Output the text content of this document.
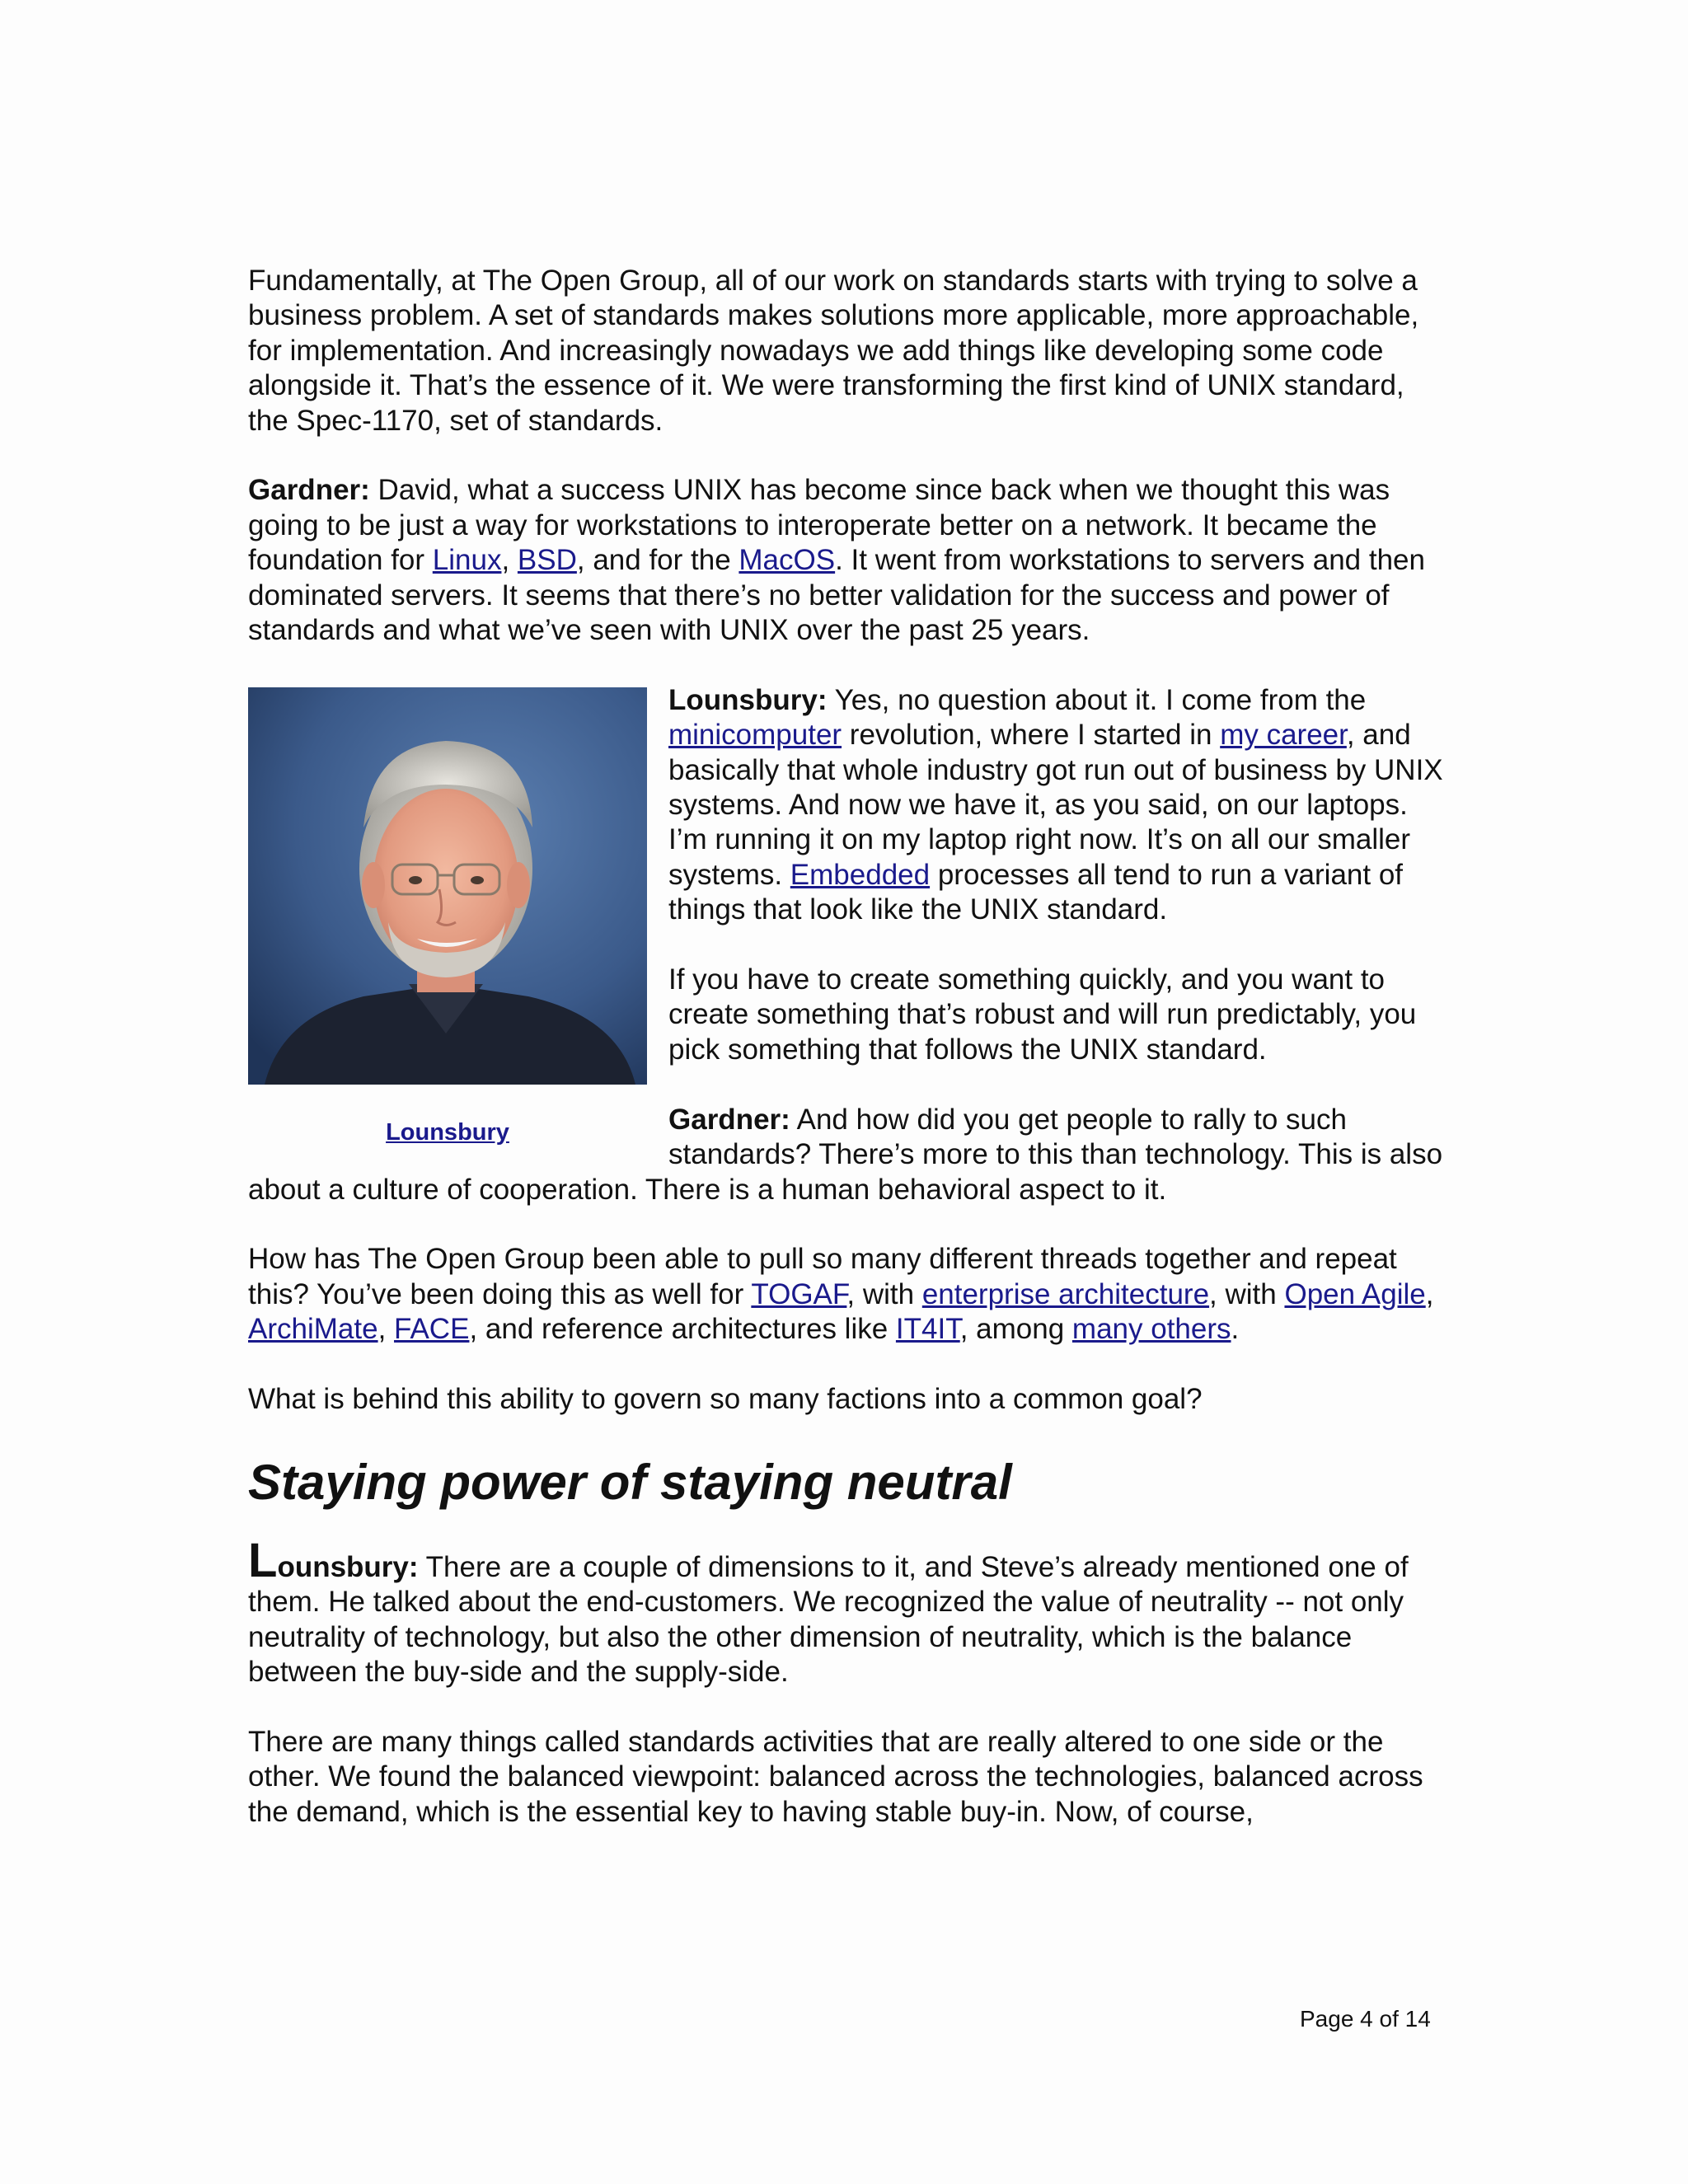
Fundamentally, at The Open Group, all of our work on standards starts with trying to solve a business problem. A set of standards makes solutions more applicable, more approachable, for implementation. And increasingly nowadays we add things like developing some code alongside it. That’s the essence of it. We were transforming the first kind of UNIX standard, the Spec-1170, set of standards.

Gardner: David, what a success UNIX has become since back when we thought this was going to be just a way for workstations to interoperate better on a network. It became the foundation for Linux, BSD, and for the MacOS. It went from workstations to servers and then dominated servers. It seems that there’s no better validation for the success and power of standards and what we’ve seen with UNIX over the past 25 years.

Lounsbury

Lounsbury: Yes, no question about it. I come from the minicomputer revolution, where I started in my career, and basically that whole industry got run out of business by UNIX systems. And now we have it, as you said, on our laptops. I’m running it on my laptop right now. It’s on all our smaller systems. Embedded processes all tend to run a variant of things that look like the UNIX standard.

If you have to create something quickly, and you want to create something that’s robust and will run predictably, you pick something that follows the UNIX standard.

Gardner: And how did you get people to rally to such standards? There’s more to this than technology. This is also about a culture of cooperation. There is a human behavioral aspect to it.

How has The Open Group been able to pull so many different threads together and repeat this? You’ve been doing this as well for TOGAF, with enterprise architecture, with Open Agile, ArchiMate, FACE, and reference architectures like IT4IT, among many others.

What is behind this ability to govern so many factions into a common goal?

Staying power of staying neutral

Lounsbury: There are a couple of dimensions to it, and Steve’s already mentioned one of them. He talked about the end-customers. We recognized the value of neutrality -- not only neutrality of technology, but also the other dimension of neutrality, which is the balance between the buy-side and the supply-side.

There are many things called standards activities that are really altered to one side or the other. We found the balanced viewpoint: balanced across the technologies, balanced across the demand, which is the essential key to having stable buy-in. Now, of course,

Page 4 of 14
